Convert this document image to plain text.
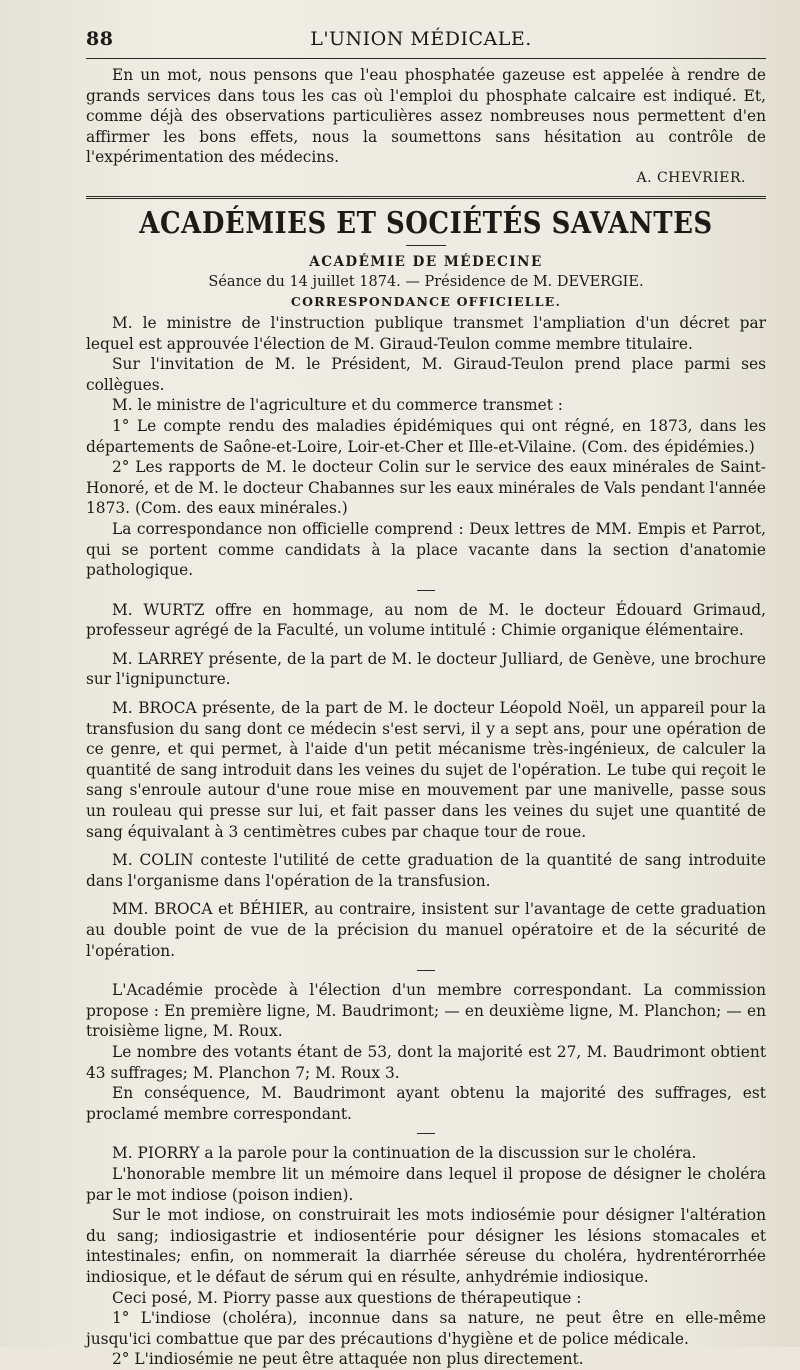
88	L'UNION MÉDICALE.

En un mot, nous pensons que l'eau phosphatée gazeuse est appelée à rendre de grands services dans tous les cas où l'emploi du phosphate calcaire est indiqué. Et, comme déjà des observations particulières assez nombreuses nous permettent d'en affirmer les bons effets, nous la soumettons sans hésitation au contrôle de l'expérimentation des médecins.

A. CHEVRIER.
ACADÉMIES ET SOCIÉTÉS SAVANTES
ACADÉMIE DE MÉDECINE
Séance du 14 juillet 1874. — Présidence de M. DEVERGIE.
CORRESPONDANCE OFFICIELLE.

M. le ministre de l'instruction publique transmet l'ampliation d'un décret par lequel est approuvée l'élection de M. Giraud-Teulon comme membre titulaire.

Sur l'invitation de M. le Président, M. Giraud-Teulon prend place parmi ses collègues.

M. le ministre de l'agriculture et du commerce transmet :

1° Le compte rendu des maladies épidémiques qui ont régné, en 1873, dans les départements de Saône-et-Loire, Loir-et-Cher et Ille-et-Vilaine. (Com. des épidémies.)

2° Les rapports de M. le docteur Colin sur le service des eaux minérales de Saint-Honoré, et de M. le docteur Chabannes sur les eaux minérales de Vals pendant l'année 1873. (Com. des eaux minérales.)

La correspondance non officielle comprend : Deux lettres de MM. Empis et Parrot, qui se portent comme candidats à la place vacante dans la section d'anatomie pathologique.

M. WURTZ offre en hommage, au nom de M. le docteur Édouard Grimaud, professeur agrégé de la Faculté, un volume intitulé : Chimie organique élémentaire.

M. LARREY présente, de la part de M. le docteur Julliard, de Genève, une brochure sur l'ignipuncture.

M. BROCA présente, de la part de M. le docteur Léopold Noël, un appareil pour la transfusion du sang dont ce médecin s'est servi, il y a sept ans, pour une opération de ce genre, et qui permet, à l'aide d'un petit mécanisme très-ingénieux, de calculer la quantité de sang introduit dans les veines du sujet de l'opération. Le tube qui reçoit le sang s'enroule autour d'une roue mise en mouvement par une manivelle, passe sous un rouleau qui presse sur lui, et fait passer dans les veines du sujet une quantité de sang équivalant à 3 centimètres cubes par chaque tour de roue.

M. COLIN conteste l'utilité de cette graduation de la quantité de sang introduite dans l'organisme dans l'opération de la transfusion.

MM. BROCA et BÉHIER, au contraire, insistent sur l'avantage de cette graduation au double point de vue de la précision du manuel opératoire et de la sécurité de l'opération.

L'Académie procède à l'élection d'un membre correspondant. La commission propose : En première ligne, M. Baudrimont; — en deuxième ligne, M. Planchon; — en troisième ligne, M. Roux.

Le nombre des votants étant de 53, dont la majorité est 27, M. Baudrimont obtient 43 suffrages; M. Planchon 7; M. Roux 3.

En conséquence, M. Baudrimont ayant obtenu la majorité des suffrages, est proclamé membre correspondant.

M. PIORRY a la parole pour la continuation de la discussion sur le choléra.

L'honorable membre lit un mémoire dans lequel il propose de désigner le choléra par le mot indiose (poison indien).

Sur le mot indiose, on construirait les mots indiosémie pour désigner l'altération du sang; indiosigastrie et indiosentérie pour désigner les lésions stomacales et intestinales; enfin, on nommerait la diarrhée séreuse du choléra, hydrentérorrhée indiosique, et le défaut de sérum qui en résulte, anhydrémie indiosique.

Ceci posé, M. Piorry passe aux questions de thérapeutique :

1° L'indiose (choléra), inconnue dans sa nature, ne peut être en elle-même jusqu'ici combattue que par des précautions d'hygiène et de police médicale.

2° L'indiosémie ne peut être attaquée non plus directement.
